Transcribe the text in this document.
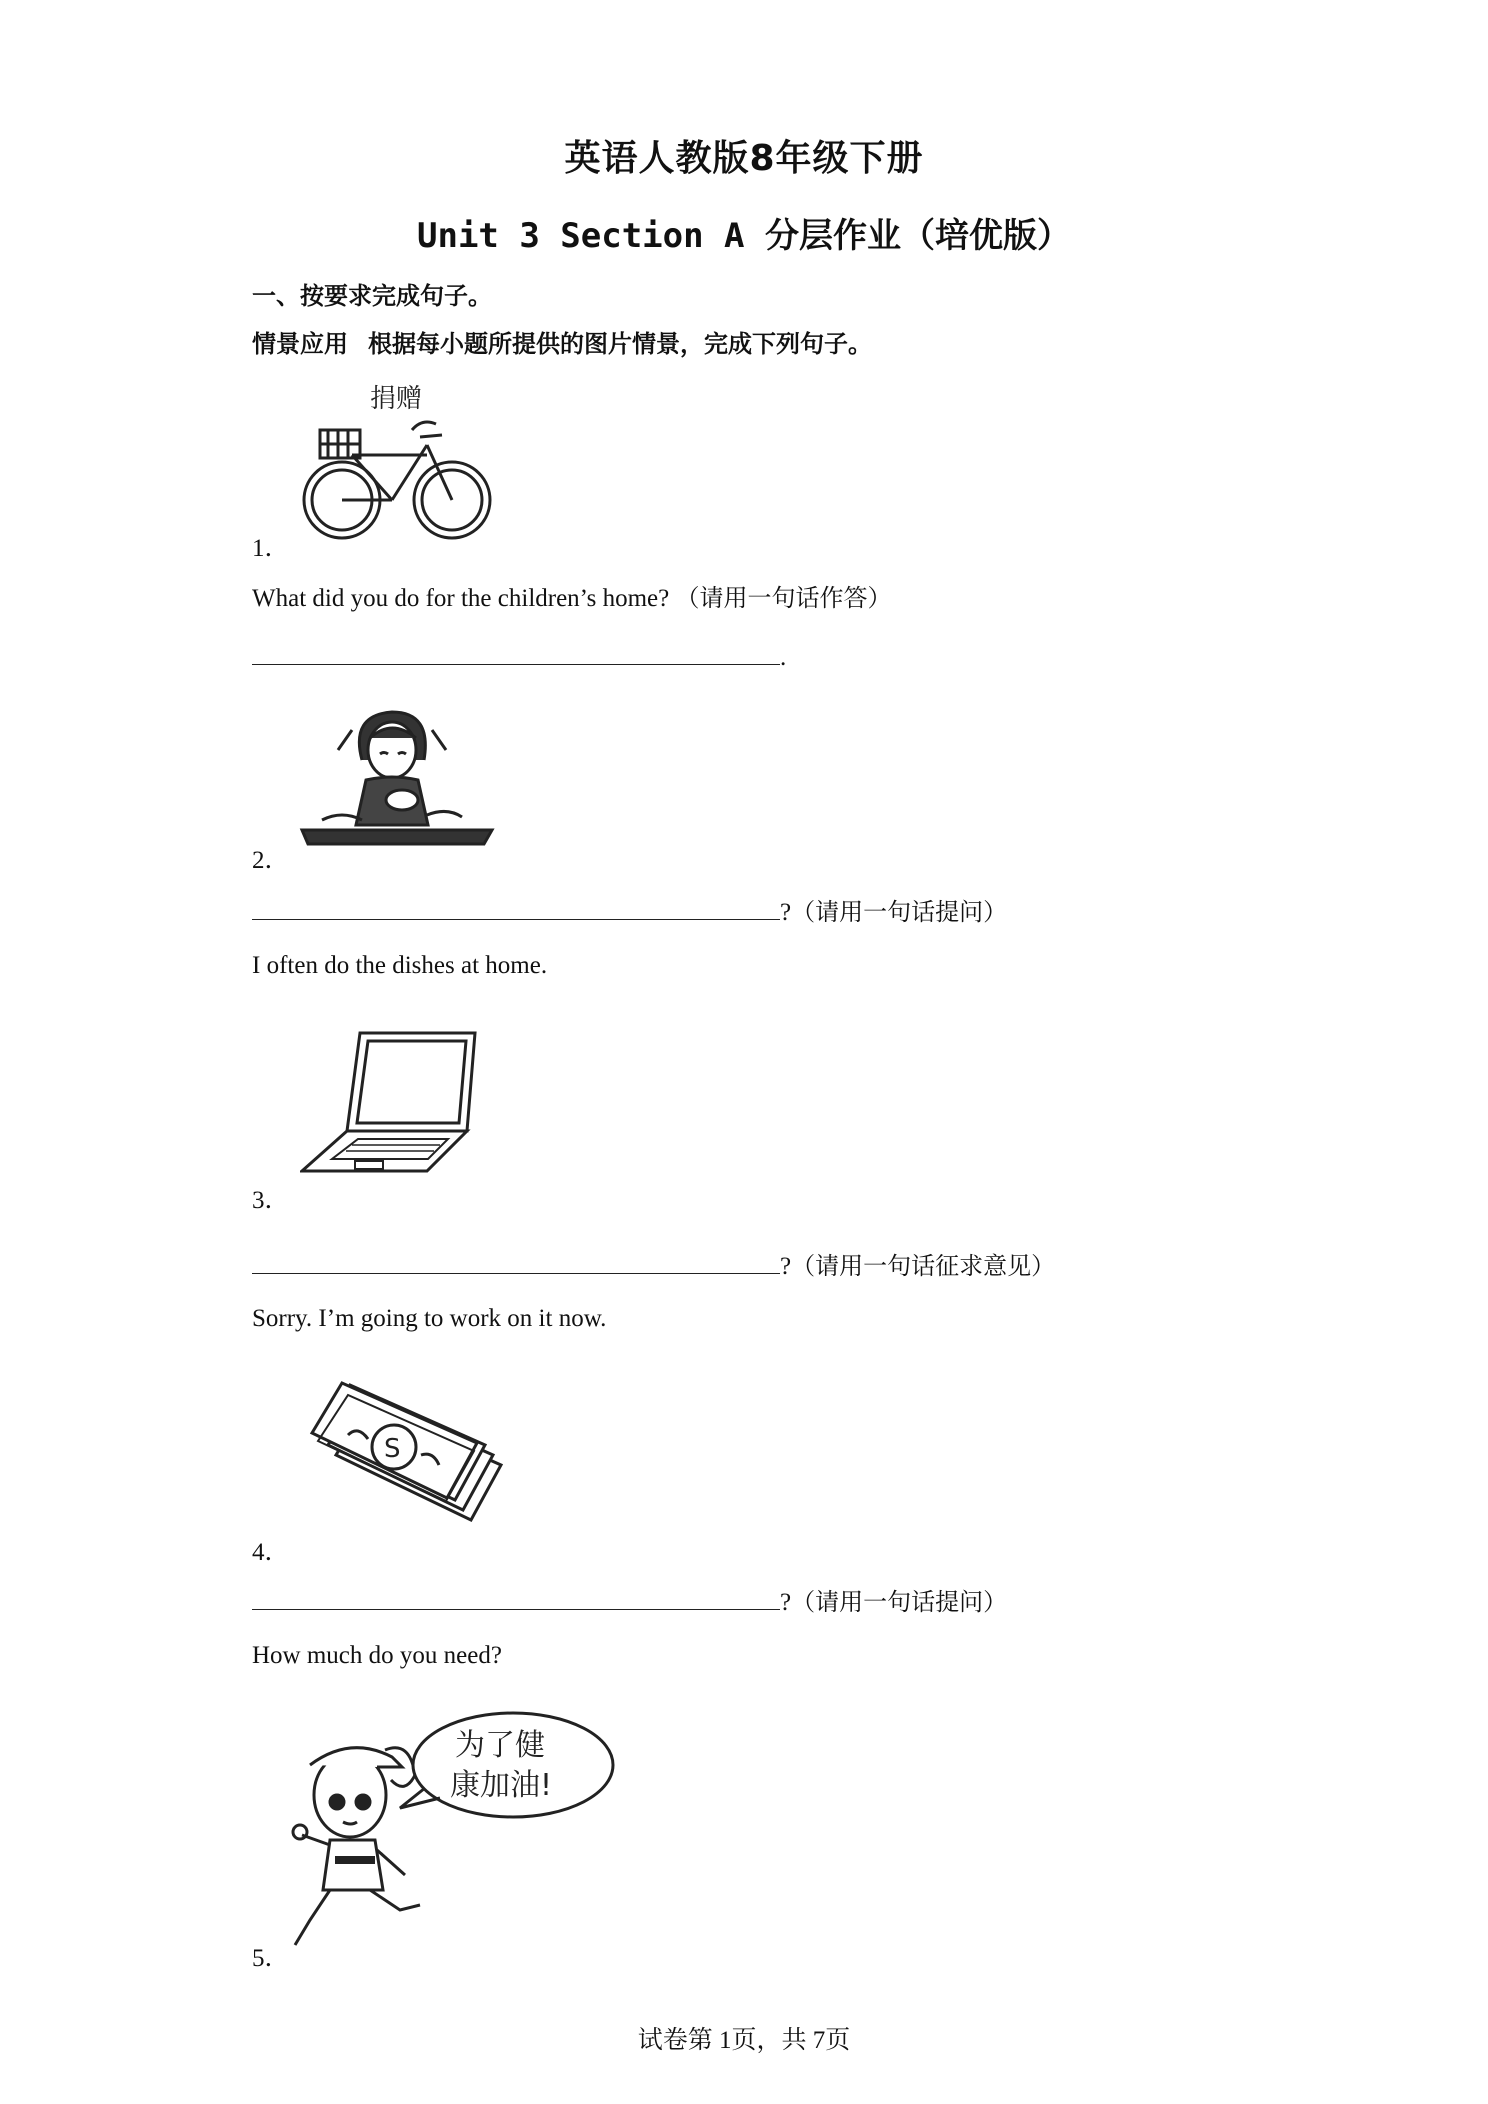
英语人教版8年级下册
Unit 3 Section A 分层作业（培优版）
一、按要求完成句子。
情景应用 根据每小题所提供的图片情景，完成下列句子。
捐赠
1．
What did you do for the children’s home? （请用一句话作答）
.
2．
?（请用一句话提问）
I often do the dishes at home.
3．
?（请用一句话征求意见）
Sorry. I’m going to work on it now.
S
4．
?（请用一句话提问）
How much do you need?
为了健
康加油!
5．
试卷第 1页，共 7页
